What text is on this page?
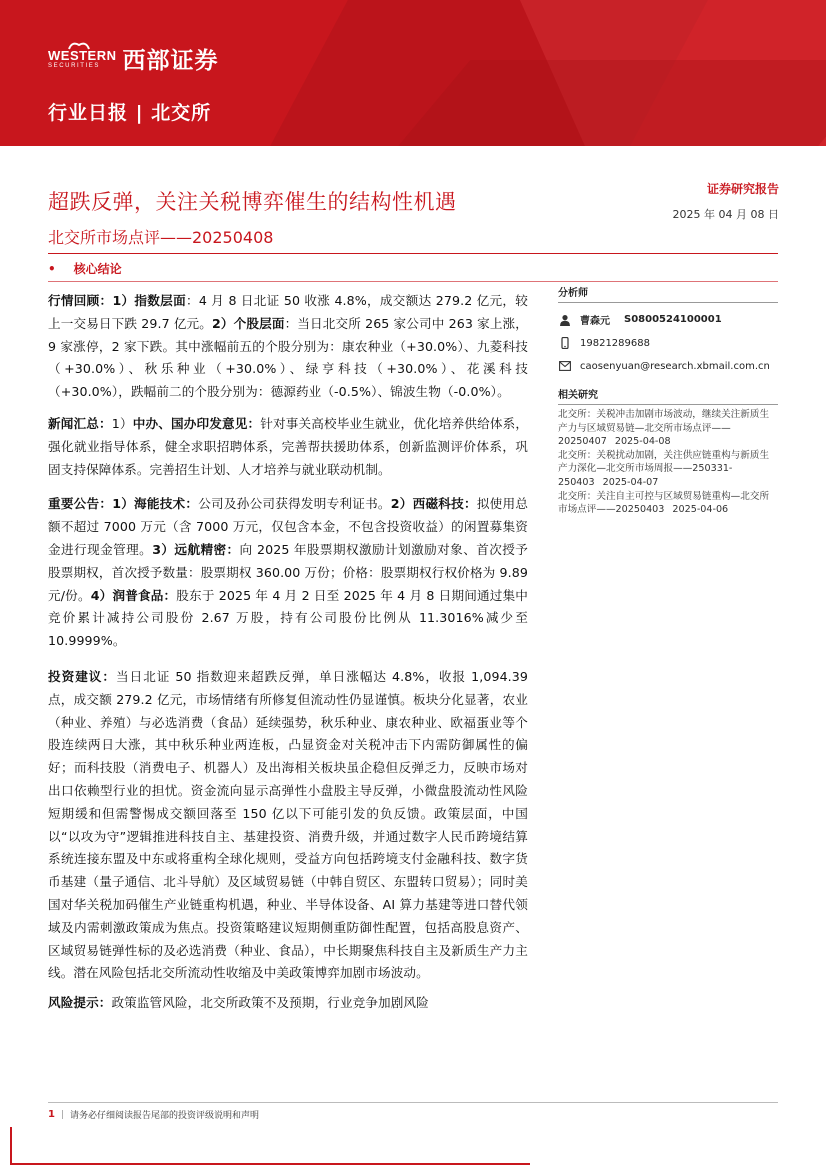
WESTERN
SECURITIES 西部证券
行业日报 | 北交所
超跌反弹，关注关税博弈催生的结构性机遇
北交所市场点评——20250408
证券研究报告
2025 年 04 月 08 日
• 核心结论

行情回顾：1）指数层面：4 月 8 日北证 50 收涨 4.8%，成交额达 279.2 亿元，较上一交易日下跌 29.7 亿元。2）个股层面：当日北交所 265 家公司中 263 家上涨，9 家涨停，2 家下跌。其中涨幅前五的个股分别为：康农种业（+30.0%）、九菱科技（+30.0%）、秋乐种业（+30.0%）、绿亨科技（+30.0%）、花溪科技（+30.0%），跌幅前二的个股分别为：德源药业（-0.5%）、锦波生物（-0.0%）。

新闻汇总：1）中办、国办印发意见：针对事关高校毕业生就业，优化培养供给体系，强化就业指导体系，健全求职招聘体系，完善帮扶援助体系，创新监测评价体系，巩固支持保障体系。完善招生计划、人才培养与就业联动机制。

重要公告：1）海能技术：公司及孙公司获得发明专利证书。2）西磁科技：拟使用总额不超过 7000 万元（含 7000 万元，仅包含本金，不包含投资收益）的闲置募集资金进行现金管理。3）远航精密：向 2025 年股票期权激励计划激励对象、首次授予股票期权，首次授予数量：股票期权 360.00 万份；价格：股票期权行权价格为 9.89 元/份。4）润普食品：股东于 2025 年 4 月 2 日至 2025 年 4 月 8 日期间通过集中竞价累计减持公司股份 2.67 万股，持有公司股份比例从 11.3016%减少至 10.9999%。

投资建议：当日北证 50 指数迎来超跌反弹，单日涨幅达 4.8%，收报 1,094.39 点，成交额 279.2 亿元，市场情绪有所修复但流动性仍显谨慎。板块分化显著，农业（种业、养殖）与必选消费（食品）延续强势，秋乐种业、康农种业、欧福蛋业等个股连续两日大涨，其中秋乐种业两连板，凸显资金对关税冲击下内需防御属性的偏好；而科技股（消费电子、机器人）及出海相关板块虽企稳但反弹乏力，反映市场对出口依赖型行业的担忧。资金流向显示高弹性小盘股主导反弹，小微盘股流动性风险短期缓和但需警惕成交额回落至 150 亿以下可能引发的负反馈。政策层面，中国以“以攻为守”逻辑推进科技自主、基建投资、消费升级，并通过数字人民币跨境结算系统连接东盟及中东或将重构全球化规则，受益方向包括跨境支付金融科技、数字货币基建（量子通信、北斗导航）及区域贸易链（中韩自贸区、东盟转口贸易）；同时美国对华关税加码催生产业链重构机遇，种业、半导体设备、AI 算力基建等进口替代领域及内需刺激政策成为焦点。投资策略建议短期侧重防御性配置，包括高股息资产、区域贸易链弹性标的及必选消费（种业、食品），中长期聚焦科技自主及新质生产力主线。潜在风险包括北交所流动性收缩及中美政策博弈加剧市场波动。

风险提示：政策监管风险，北交所政策不及预期，行业竞争加剧风险

分析师
曹森元 S0800524100001
19821289688
caosenyuan@research.xbmail.com.cn
相关研究
北交所：关税冲击加剧市场波动，继续关注新质生产力与区域贸易链—北交所市场点评——20250407 2025-04-08
北交所：关税扰动加剧，关注供应链重构与新质生产力深化—北交所市场周报——250331-250403 2025-04-07
北交所：关注自主可控与区域贸易链重构—北交所市场点评——20250403 2025-04-06
1 | 请务必仔细阅读报告尾部的投资评级说明和声明
